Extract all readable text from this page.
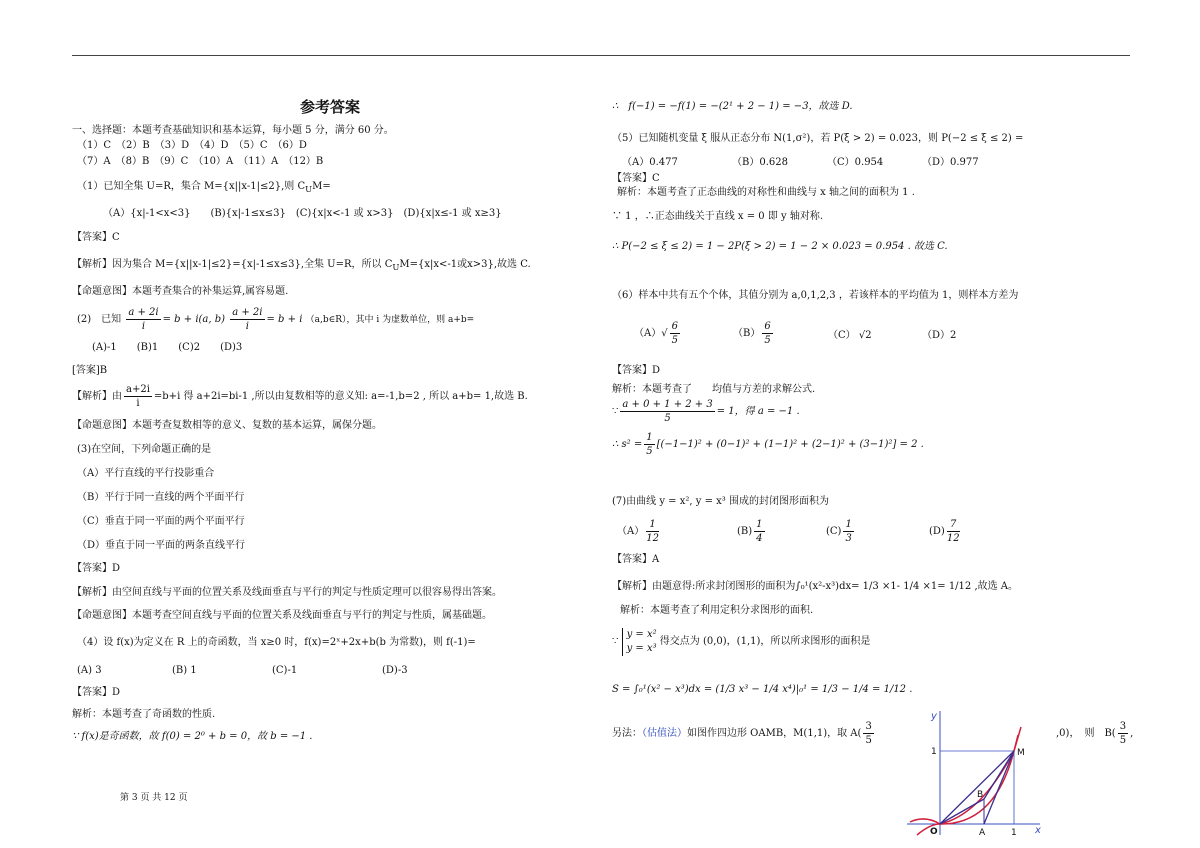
参考答案
一、选择题：本题考查基础知识和基本运算，每小题 5 分，满分 60 分。
（1）C　（2）B　（3）D　（4）D　（5）C　（6）D
（7）A　（8）B　（9）C　（10）A　（11）A　（12）B
（1）已知全集 U=R，集合 M={x||x-1|≤2},则 $C_UM=$
（A）{x|-1<x<3}　　(B){x|-1≤x≤3}　(C){x|x<-1 或 x>3}　(D){x|x≤-1 或 x≥3}
【答案】C
【解析】因为集合 M={x||x-1|≤2}={x|-1≤x≤3},全集 U=R，所以 $C_UM=\{x|x<-1$或x>3},故选 C.
【命题意图】本题考查集合的补集运算,属容易题.
(2)　已知 $\frac{a + 2i}{i} = b + i(a$, $b) \frac{a + 2i}{i} = b + i$ （a,b∈R），其中 i 为虚数单位，则 a+b=
(A)-1　　(B)1　　(C)2　　(D)3
[答案]B
【解析】由 $\frac{a+2i}{i} =b+i$ 得 a+2i=bi-1 ,所以由复数相等的意义知: a=-1,b=2 , 所以 a+b= 1,故选 B.
【命题意图】本题考查复数相等的意义、复数的基本运算，属保分题。
(3)在空间，下列命题正确的是
（A）平行直线的平行投影重合
（B）平行于同一直线的两个平面平行
（C）垂直于同一平面的两个平面平行
（D）垂直于同一平面的两条直线平行
【答案】D
【解析】由空间直线与平面的位置关系及线面垂直与平行的判定与性质定理可以很容易得出答案。
【命题意图】本题考查空间直线与平面的位置关系及线面垂直与平行的判定与性质，属基础题。
（4）设 f(x)为定义在 R 上的奇函数，当 x≥0 时，f(x)=2ˣ+2x+b(b 为常数)，则 f(-1)=
(A) 3	(B) 1	(C)-1	(D)-3
【答案】D
解析：本题考查了奇函数的性质.
∵ f(x)是奇函数，故 f(0) = 2⁰ + b = 0，故 b = −1 .
第 3 页 共 12 页
∴　f(−1) = −f(1) = −(2¹ + 2 − 1) = −3，故选 D.
（5）已知随机变量 ξ 服从正态分布 N(1,σ²)，若 P(ξ > 2) = 0.023，则 P(−2 ≤ ξ ≤ 2) =
（A）0.477	（B）0.628	（C）0.954	（D）0.977
【答案】C
解析：本题考查了正态曲线的对称性和曲线与 x 轴之间的面积为 1 .
∵ 1 ，∴正态曲线关于直线 x = 0 即 y 轴对称.
∴ P(−2 ≤ ξ ≤ 2) = 1 − 2P(ξ > 2) = 1 − 2 × 0.023 = 0.954 . 故选 C.
（6）样本中共有五个个体，其值分别为 a,0,1,2,3 ，若该样本的平均值为 1，则样本方差为
$(A)√ \frac{6}{5}$	$(B) \frac{6}{5}$	（C） √2	（D）2
【答案】D
解析：本题考查了　　均值与方差的求解公式.
∵ $\frac{a + 0 + 1 + 2 + 3}{5} = 1$，得 a = −1 .
∴ $s^2 = \frac{1}{5} [(-1-1)^2 + (0-1)^2 + (1-1)^2 + (2-1)^2 + (3-1)^2] = 2$ .
(7)由曲线 y = x², y = x³ 围成的封闭图形面积为
$(A) \frac{1}{12}$	$(B) \frac{1}{4}$	$(C) \frac{1}{3}$	$(D) \frac{7}{12}$
【答案】A
【解析】由题意得:所求封闭图形的面积为∫₀¹(x²-x³)dx= 1/3 ×1- 1/4 ×1= 1/12 ,故选 A。
解析：本题考查了利用定积分求图形的面积.
∵
y = x²
y = x³
得交点为 (0,0)，(1,1)，所以所求图形的面积是
S = ∫₀¹(x² − x³)dx = (1/3 x³ − 1/4 x⁴)|₀¹ = 1/3 − 1/4 = 1/12 .
另法：（估值法）如图作四边形 OAMB，M(1,1)，取 $A( \frac{3}{5}$	,0)，　则　$B( \frac{3}{5}$ ,
y
x
O	A
B
M
1
1
